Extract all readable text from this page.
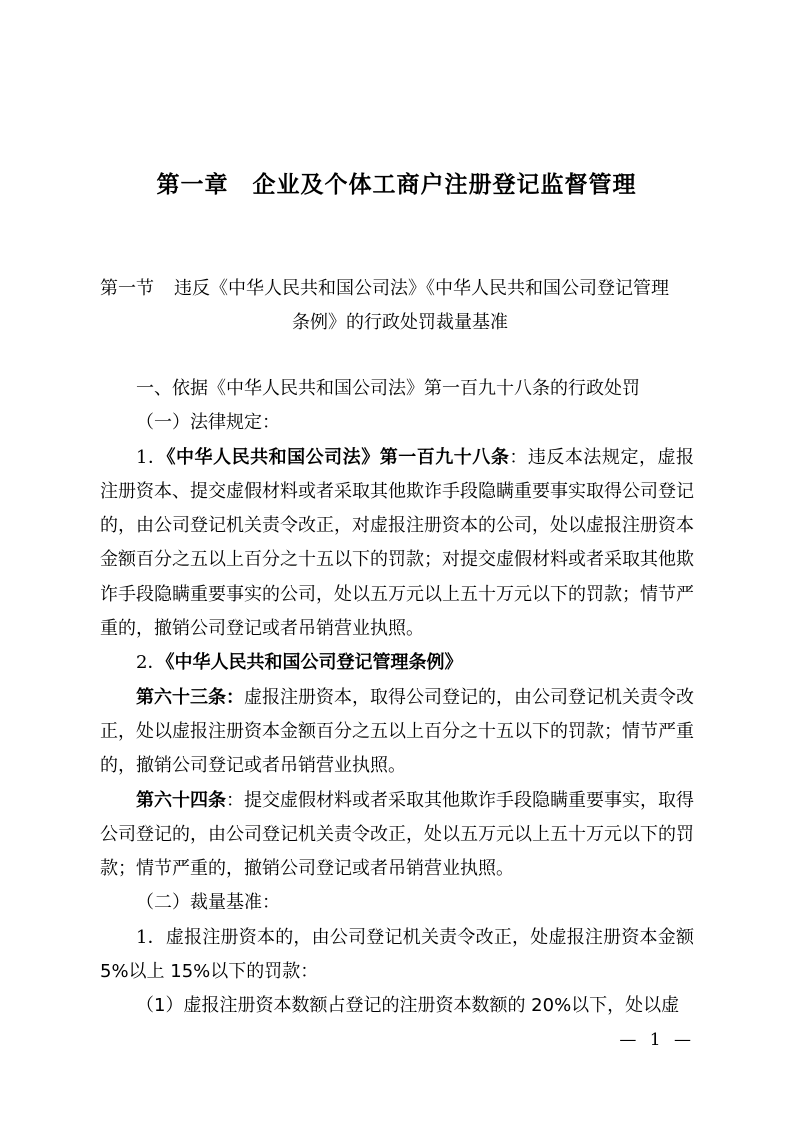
第一章 企业及个体工商户注册登记监督管理
第一节 违反《中华人民共和国公司法》《中华人民共和国公司登记管理
条例》的行政处罚裁量基准

一、依据《中华人民共和国公司法》第一百九十八条的行政处罚

（一）法律规定：

1．《中华人民共和国公司法》第一百九十八条：违反本法规定，虚报注册资本、提交虚假材料或者采取其他欺诈手段隐瞒重要事实取得公司登记的，由公司登记机关责令改正，对虚报注册资本的公司，处以虚报注册资本金额百分之五以上百分之十五以下的罚款；对提交虚假材料或者采取其他欺诈手段隐瞒重要事实的公司，处以五万元以上五十万元以下的罚款；情节严重的，撤销公司登记或者吊销营业执照。

2．《中华人民共和国公司登记管理条例》

第六十三条：虚报注册资本，取得公司登记的，由公司登记机关责令改正，处以虚报注册资本金额百分之五以上百分之十五以下的罚款；情节严重的，撤销公司登记或者吊销营业执照。

第六十四条：提交虚假材料或者采取其他欺诈手段隐瞒重要事实，取得公司登记的，由公司登记机关责令改正，处以五万元以上五十万元以下的罚款；情节严重的，撤销公司登记或者吊销营业执照。

（二）裁量基准：

1．虚报注册资本的，由公司登记机关责令改正，处虚报注册资本金额 5%以上 15%以下的罚款：

（1）虚报注册资本数额占登记的注册资本数额的 20%以下，处以虚

— 1 —
